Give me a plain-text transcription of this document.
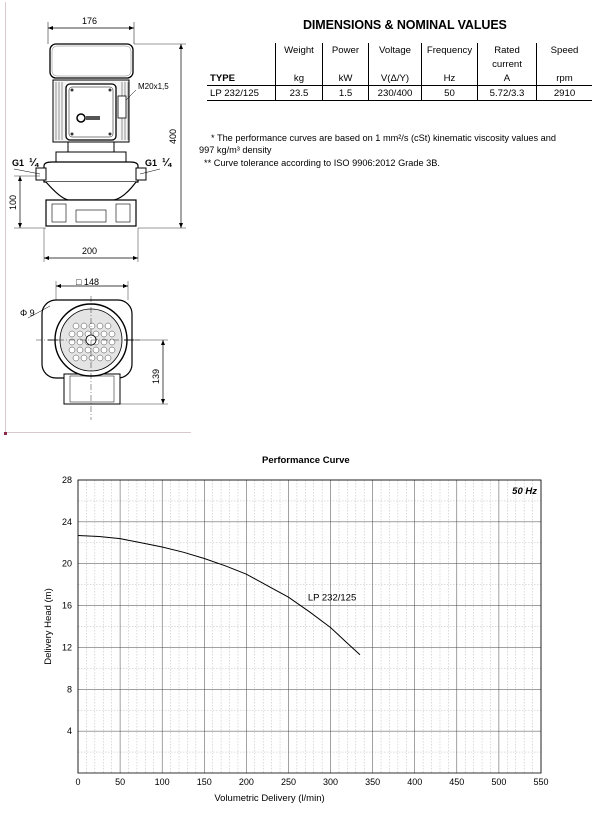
176
M20x1,5
G1 ¼	G1 ¼
400
100
200
□ 148
Φ 9
139
DIMENSIONS & NOMINAL VALUES
	Weight	Power	Voltage	Frequency	Rated	Speed
					current	
TYPE	kg	kW	V(Δ/Y)	Hz	A	rpm
LP 232/125	23.5	1.5	230/400	50	5.72/3.3	2910
* The performance curves are based on 1 mm²/s (cSt) kinematic viscosity values and
997 kg/m³ density
** Curve tolerance according to ISO 9906:2012 Grade 3B.
Performance Curve
0	50	100	150	200	250	300	350	400	450	500	550
4
8
12
16
20
24
28
LP 232/125
50 Hz
Volumetric Delivery (l/min)
Delivery Head (m)
